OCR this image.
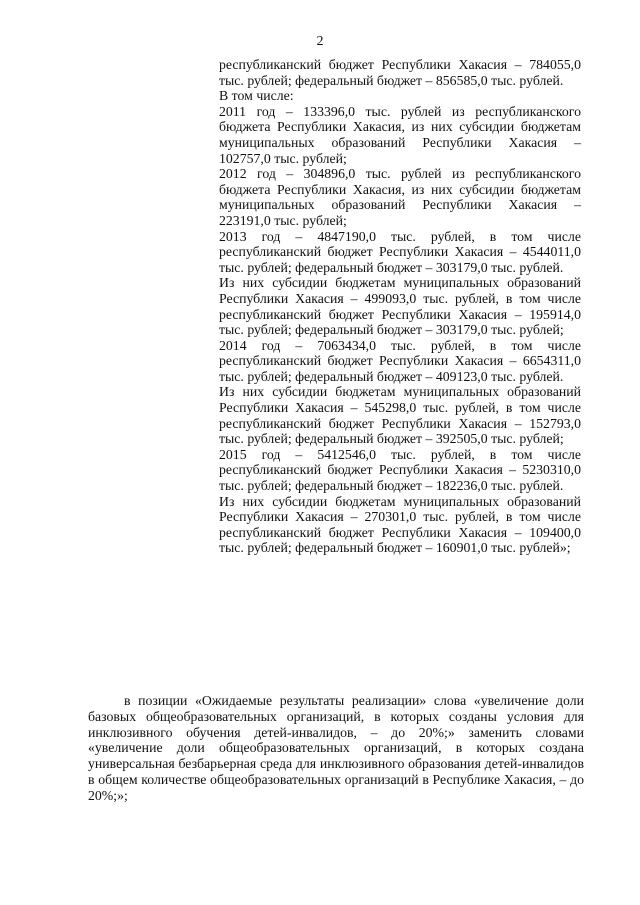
2

республиканский бюджет Республики Хакасия – 784055,0 тыс. рублей; федеральный бюджет – 856585,0 тыс. рублей.

В том числе:

2011 год – 133396,0 тыс. рублей из республиканского бюджета Республики Хакасия, из них субсидии бюджетам муниципальных образований Республики Хакасия – 102757,0 тыс. рублей;

2012 год – 304896,0 тыс. рублей из республиканского бюджета Республики Хакасия, из них субсидии бюджетам муниципальных образований Республики Хакасия – 223191,0 тыс. рублей;

2013 год – 4847190,0 тыс. рублей, в том числе республиканский бюджет Республики Хакасия – 4544011,0 тыс. рублей; федеральный бюджет – 303179,0 тыс. рублей.

Из них субсидии бюджетам муниципальных образований Республики Хакасия – 499093,0 тыс. рублей, в том числе республиканский бюджет Республики Хакасия – 195914,0 тыс. рублей; федеральный бюджет – 303179,0 тыс. рублей;

2014 год – 7063434,0 тыс. рублей, в том числе республиканский бюджет Республики Хакасия – 6654311,0 тыс. рублей; федеральный бюджет – 409123,0 тыс. рублей.

Из них субсидии бюджетам муниципальных образований Республики Хакасия – 545298,0 тыс. рублей, в том числе республиканский бюджет Республики Хакасия – 152793,0 тыс. рублей; федеральный бюджет – 392505,0 тыс. рублей;

2015 год – 5412546,0 тыс. рублей, в том числе республиканский бюджет Республики Хакасия – 5230310,0 тыс. рублей; федеральный бюджет – 182236,0 тыс. рублей.

Из них субсидии бюджетам муниципальных образований Республики Хакасия – 270301,0 тыс. рублей, в том числе республиканский бюджет Республики Хакасия – 109400,0 тыс. рублей; федеральный бюджет – 160901,0 тыс. рублей»;

в позиции «Ожидаемые результаты реализации» слова «увеличение доли базовых общеобразовательных организаций, в которых созданы условия для инклюзивного обучения детей-инвалидов, – до 20%;» заменить словами «увеличение доли общеобразовательных организаций, в которых создана универсальная безбарьерная среда для инклюзивного образования детей-инвалидов в общем количестве общеобразовательных организаций в Республике Хакасия, – до 20%;»;
